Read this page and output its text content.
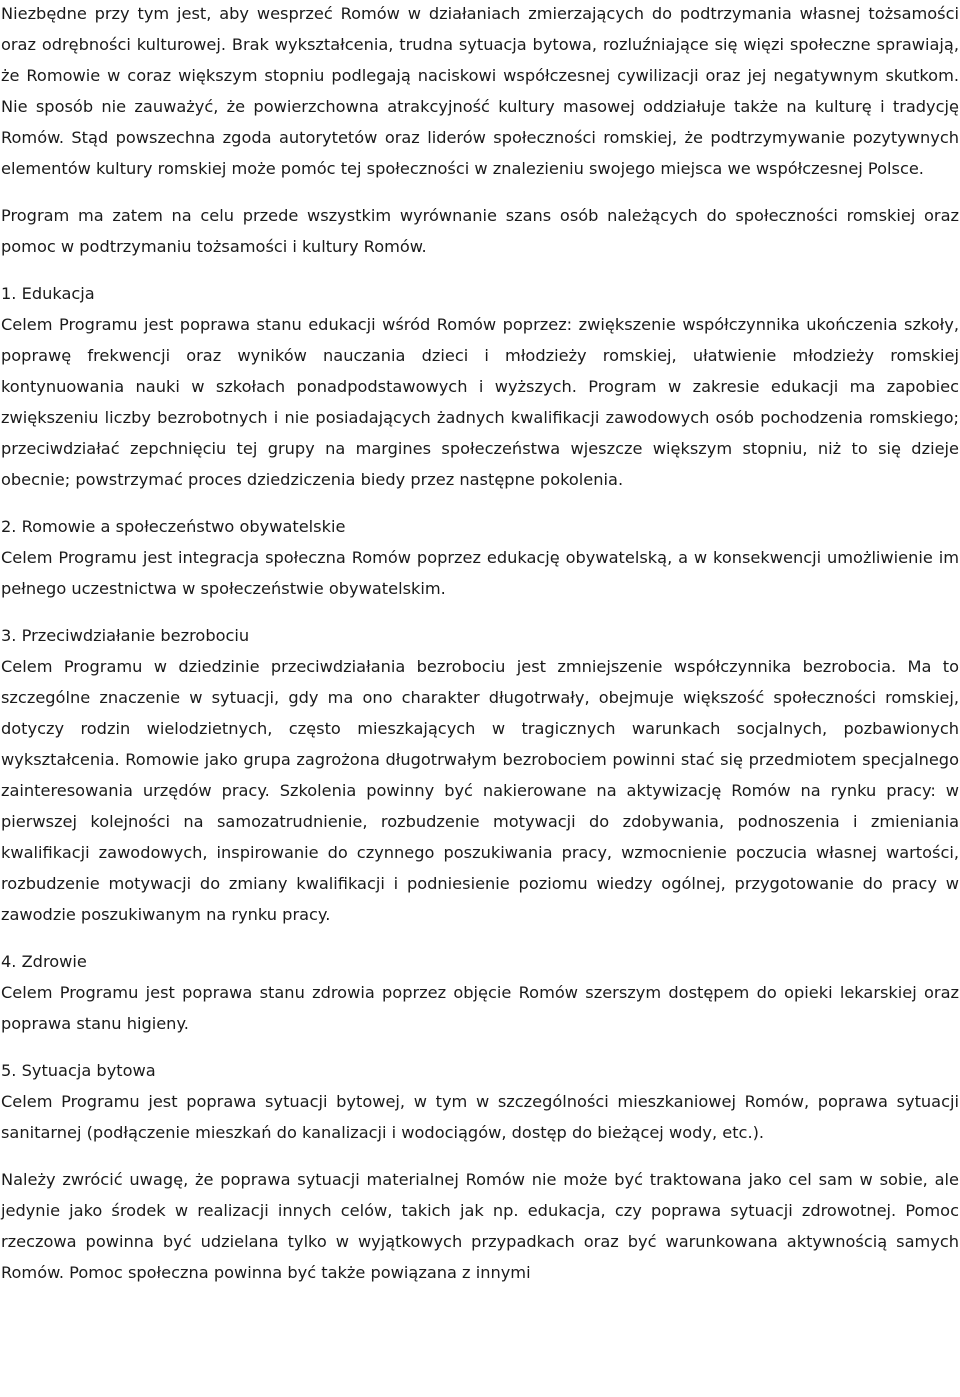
Niezbędne przy tym jest, aby wesprzeć Romów w działaniach zmierzających do podtrzymania własnej tożsamości oraz odrębności kulturowej. Brak wykształcenia, trudna sytuacja bytowa, rozluźniające się więzi społeczne sprawiają, że Romowie w coraz większym stopniu podlegają naciskowi współczesnej cywilizacji oraz jej negatywnym skutkom. Nie sposób nie zauważyć, że powierzchowna atrakcyjność kultury masowej oddziałuje także na kulturę i tradycję Romów. Stąd powszechna zgoda autorytetów oraz liderów społeczności romskiej, że podtrzymywanie pozytywnych elementów kultury romskiej może pomóc tej społeczności w znalezieniu swojego miejsca we współczesnej Polsce.

Program ma zatem na celu przede wszystkim wyrównanie szans osób należących do społeczności romskiej oraz pomoc w podtrzymaniu tożsamości i kultury Romów.

1. Edukacja

Celem Programu jest poprawa stanu edukacji wśród Romów poprzez: zwiększenie współczynnika ukończenia szkoły, poprawę frekwencji oraz wyników nauczania dzieci i młodzieży romskiej, ułatwienie młodzieży romskiej kontynuowania nauki w szkołach ponadpodstawowych i wyższych. Program w zakresie edukacji ma zapobiec zwiększeniu liczby bezrobotnych i nie posiadających żadnych kwalifikacji zawodowych osób pochodzenia romskiego; przeciwdziałać zepchnięciu tej grupy na margines społeczeństwa wjeszcze większym stopniu, niż to się dzieje obecnie; powstrzymać proces dziedziczenia biedy przez następne pokolenia.

2. Romowie a społeczeństwo obywatelskie

Celem Programu jest integracja społeczna Romów poprzez edukację obywatelską, a w konsekwencji umożliwienie im pełnego uczestnictwa w społeczeństwie obywatelskim.

3. Przeciwdziałanie bezrobociu

Celem Programu w dziedzinie przeciwdziałania bezrobociu jest zmniejszenie współczynnika bezrobocia. Ma to szczególne znaczenie w sytuacji, gdy ma ono charakter długotrwały, obejmuje większość społeczności romskiej, dotyczy rodzin wielodzietnych, często mieszkających w tragicznych warunkach socjalnych, pozbawionych wykształcenia. Romowie jako grupa zagrożona długotrwałym bezrobociem powinni stać się przedmiotem specjalnego zainteresowania urzędów pracy. Szkolenia powinny być nakierowane na aktywizację Romów na rynku pracy: w pierwszej kolejności na samozatrudnienie, rozbudzenie motywacji do zdobywania, podnoszenia i zmieniania kwalifikacji zawodowych, inspirowanie do czynnego poszukiwania pracy, wzmocnienie poczucia własnej wartości, rozbudzenie motywacji do zmiany kwalifikacji i podniesienie poziomu wiedzy ogólnej, przygotowanie do pracy w zawodzie poszukiwanym na rynku pracy.

4. Zdrowie

Celem Programu jest poprawa stanu zdrowia poprzez objęcie Romów szerszym dostępem do opieki lekarskiej oraz poprawa stanu higieny.

5. Sytuacja bytowa

Celem Programu jest poprawa sytuacji bytowej, w tym w szczególności mieszkaniowej Romów, poprawa sytuacji sanitarnej (podłączenie mieszkań do kanalizacji i wodociągów, dostęp do bieżącej wody, etc.).

Należy zwrócić uwagę, że poprawa sytuacji materialnej Romów nie może być traktowana jako cel sam w sobie, ale jedynie jako środek w realizacji innych celów, takich jak np. edukacja, czy poprawa sytuacji zdrowotnej. Pomoc rzeczowa powinna być udzielana tylko w wyjątkowych przypadkach oraz być warunkowana aktywnością samych Romów. Pomoc społeczna powinna być także powiązana z innymi
